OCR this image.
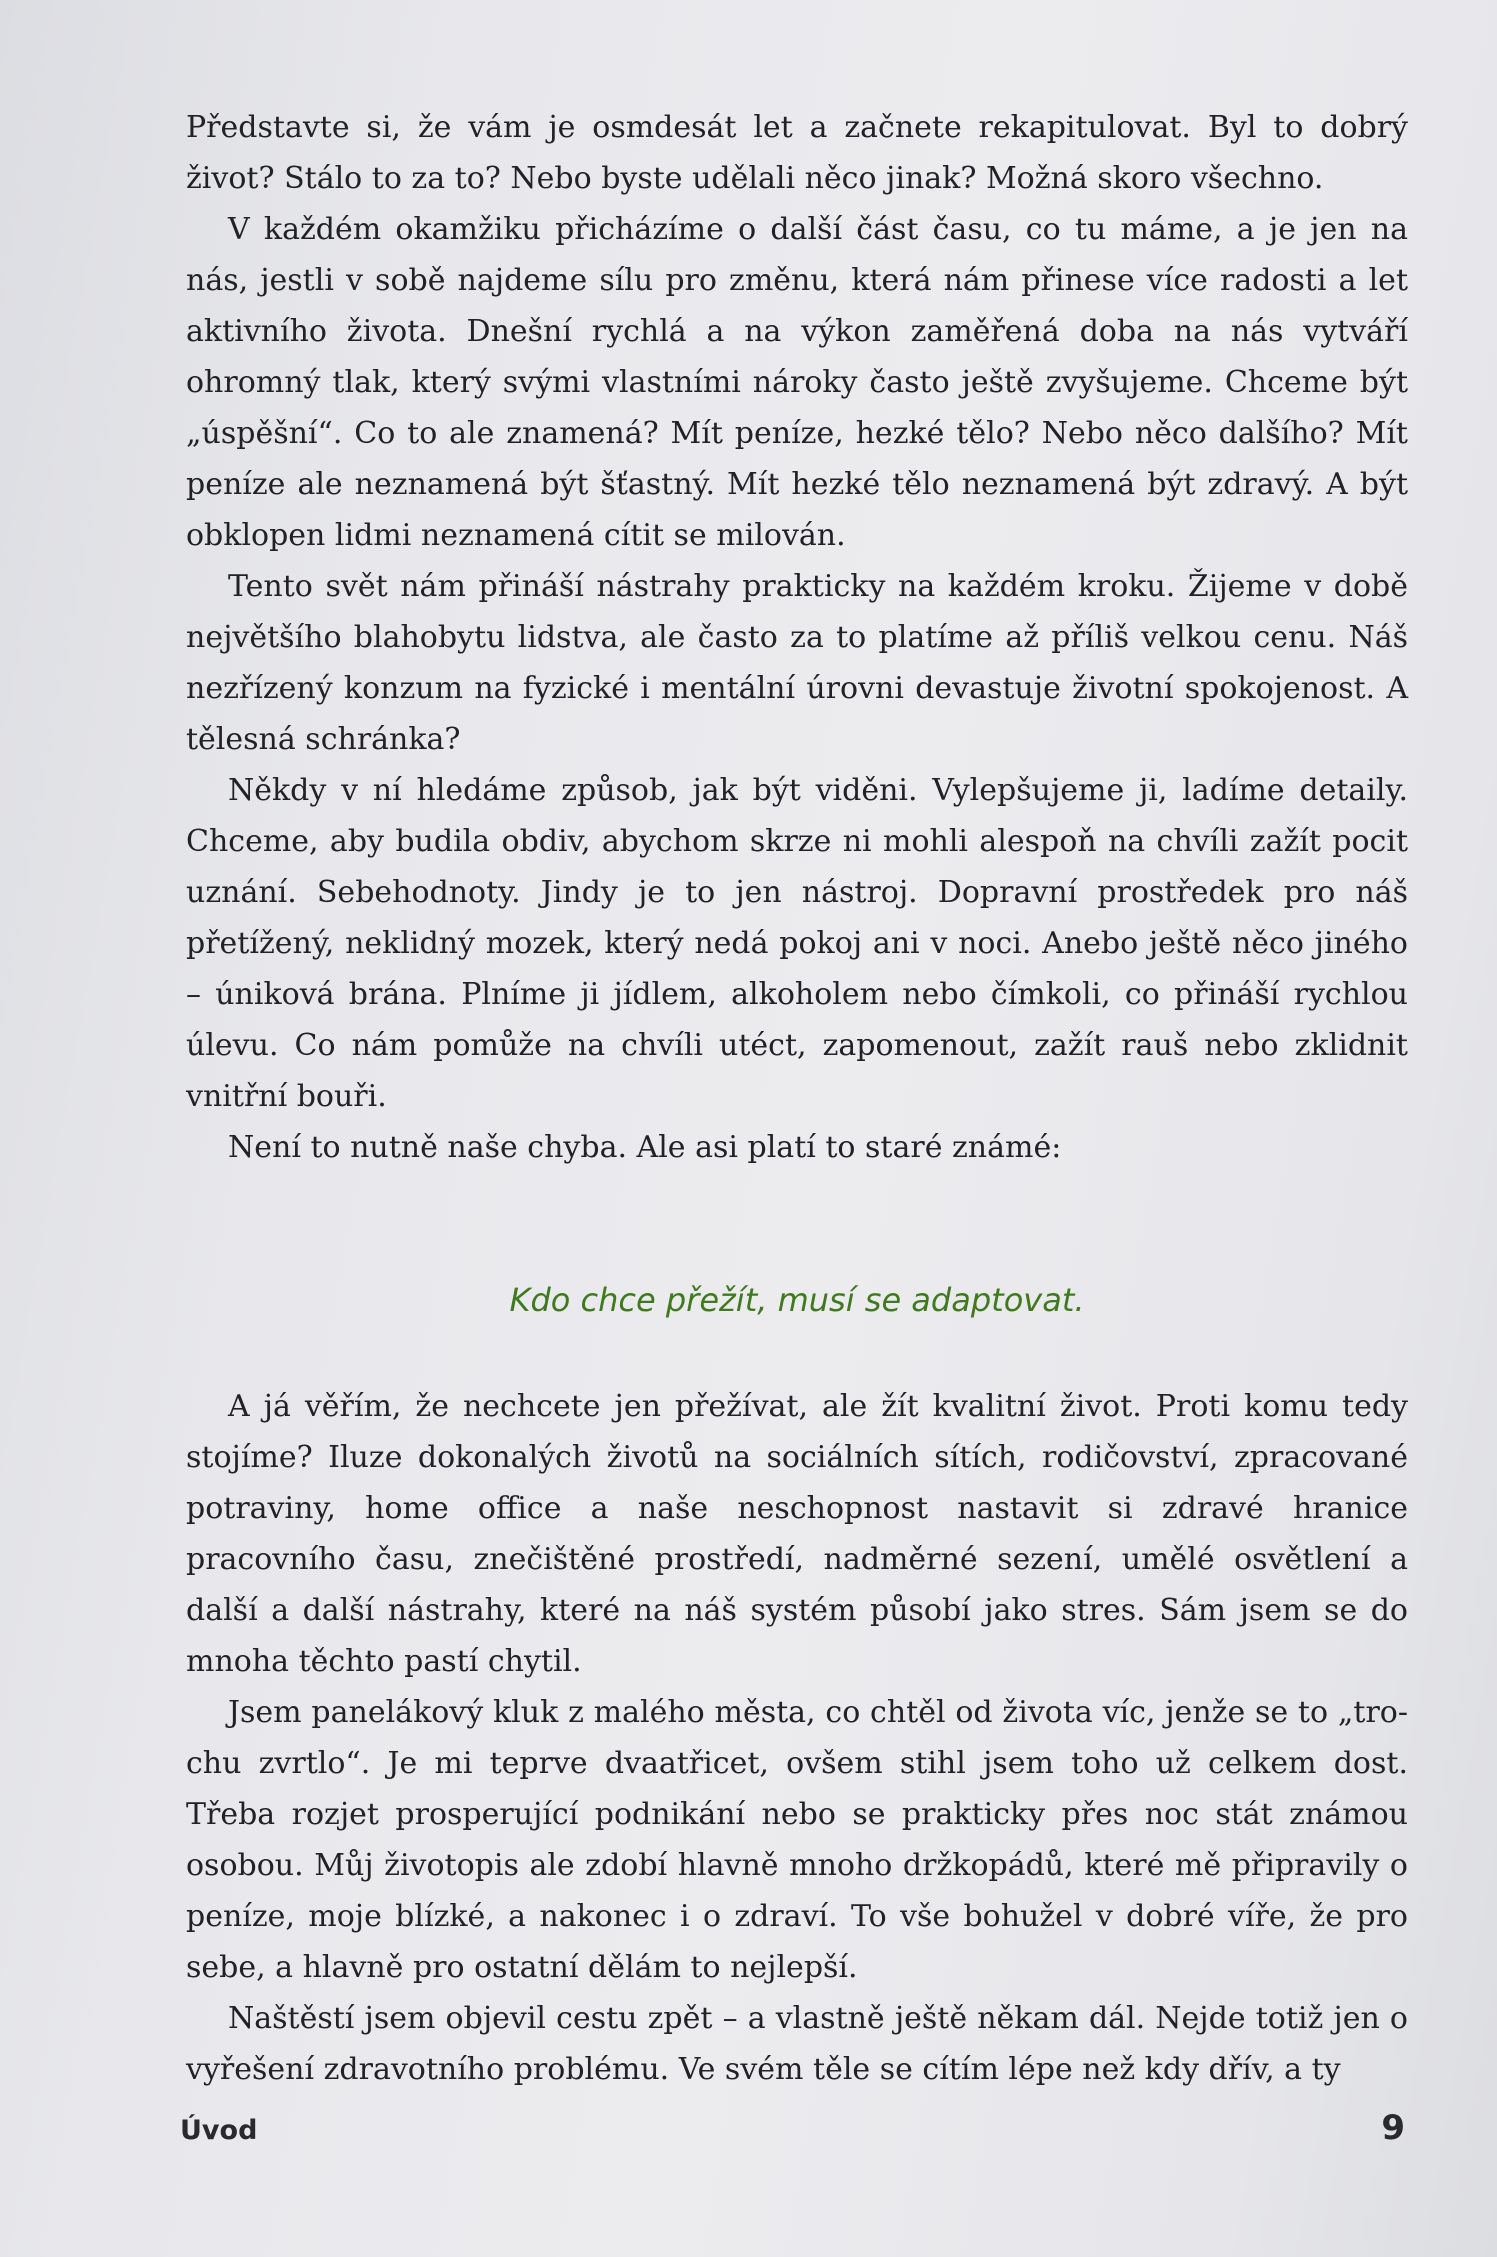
Představte si, že vám je osmdesát let a začnete rekapitulovat. Byl to dobrý život? Stálo to za to? Nebo byste udělali něco jinak? Možná skoro všechno.

V každém okamžiku přicházíme o další část času, co tu máme, a je jen na nás, jestli v sobě najdeme sílu pro změnu, která nám přinese více radosti a let aktivního života. Dnešní rychlá a na výkon zaměřená doba na nás vytváří ohromný tlak, který svými vlastními nároky často ještě zvyšujeme. Chceme být „úspěšní“. Co to ale znamená? Mít peníze, hezké tělo? Nebo něco dalšího? Mít peníze ale neznamená být šťastný. Mít hezké tělo neznamená být zdravý. A být obklopen lidmi neznamená cítit se milován.

Tento svět nám přináší nástrahy prakticky na každém kroku. Žijeme v době největšího blahobytu lidstva, ale často za to platíme až příliš velkou cenu. Náš nezřízený konzum na fyzické i mentální úrovni devastuje životní spokojenost. A tělesná schránka?

Někdy v ní hledáme způsob, jak být viděni. Vylepšujeme ji, ladíme detaily. Chceme, aby budila obdiv, abychom skrze ni mohli alespoň na chvíli zažít pocit uznání. Sebehodnoty. Jindy je to jen nástroj. Dopravní prostředek pro náš přetížený, neklidný mozek, který nedá pokoj ani v noci. Anebo ještě něco jiného – úniková brána. Plníme ji jídlem, alkoholem nebo čímkoli, co přináší rychlou úlevu. Co nám pomůže na chvíli utéct, zapomenout, zažít rauš nebo zklidnit vnitřní bouři.

Není to nutně naše chyba. Ale asi platí to staré známé:

Kdo chce přežít, musí se adaptovat.

A já věřím, že nechcete jen přežívat, ale žít kvalitní život. Proti komu tedy stojíme? Iluze dokonalých životů na sociálních sítích, rodičovství, zpracované potraviny, home office a naše neschopnost nastavit si zdravé hranice pracovního času, znečištěné prostředí, nadměrné sezení, umělé osvětlení a další a další nástrahy, které na náš systém působí jako stres. Sám jsem se do mnoha těchto pastí chytil.

Jsem panelákový kluk z malého města, co chtěl od života víc, jenže se to „trochu zvrtlo“. Je mi teprve dvaatřicet, ovšem stihl jsem toho už celkem dost. Třeba rozjet prosperující podnikání nebo se prakticky přes noc stát známou osobou. Můj životopis ale zdobí hlavně mnoho držkopádů, které mě připravily o peníze, moje blízké, a nakonec i o zdraví. To vše bohužel v dobré víře, že pro sebe, a hlavně pro ostatní dělám to nejlepší.

Naštěstí jsem objevil cestu zpět – a vlastně ještě někam dál. Nejde totiž jen o vyřešení zdravotního problému. Ve svém těle se cítím lépe než kdy dřív, a ty

Úvod	9
